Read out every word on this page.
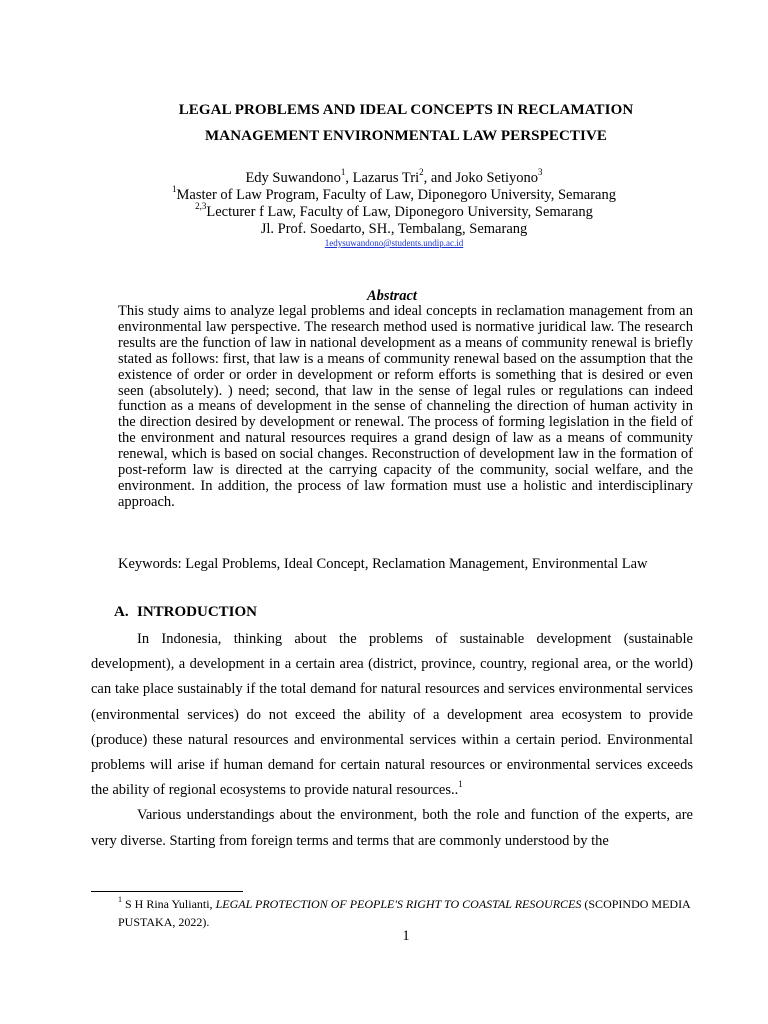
LEGAL PROBLEMS AND IDEAL CONCEPTS IN RECLAMATION
MANAGEMENT ENVIRONMENTAL LAW PERSPECTIVE
Edy Suwandono$^1$, Lazarus Tri$^2$, and Joko Setiyono$^3$
$^1$Master of Law Program, Faculty of Law, Diponegoro University, Semarang
$^{2,3}$Lecturer f Law, Faculty of Law, Diponegoro University, Semarang
Jl. Prof. Soedarto, SH., Tembalang, Semarang
1edysuwandono@students.undip.ac.id
Abstract

This study aims to analyze legal problems and ideal concepts in reclamation management from an environmental law perspective. The research method used is normative juridical law. The research results are the function of law in national development as a means of community renewal is briefly stated as follows: first, that law is a means of community renewal based on the assumption that the existence of order or order in development or reform efforts is something that is desired or even seen (absolutely). ) need; second, that law in the sense of legal rules or regulations can indeed function as a means of development in the sense of channeling the direction of human activity in the direction desired by development or renewal. The process of forming legislation in the field of the environment and natural resources requires a grand design of law as a means of community renewal, which is based on social changes. Reconstruction of development law in the formation of post-reform law is directed at the carrying capacity of the community, social welfare, and the environment. In addition, the process of law formation must use a holistic and interdisciplinary approach.

Keywords: Legal Problems, Ideal Concept, Reclamation Management, Environmental Law
A. INTRODUCTION

In Indonesia, thinking about the problems of sustainable development (sustainable development), a development in a certain area (district, province, country, regional area, or the world) can take place sustainably if the total demand for natural resources and services environmental services (environmental services) do not exceed the ability of a development area ecosystem to provide (produce) these natural resources and environmental services within a certain period. Environmental problems will arise if human demand for certain natural resources or environmental services exceeds the ability of regional ecosystems to provide natural resources..$^1$

Various understandings about the environment, both the role and function of the experts, are very diverse. Starting from foreign terms and terms that are commonly understood by the

$^1$ S H Rina Yulianti, LEGAL PROTECTION OF PEOPLE'S RIGHT TO COASTAL RESOURCES (SCOPINDO MEDIA PUSTAKA, 2022).
1
